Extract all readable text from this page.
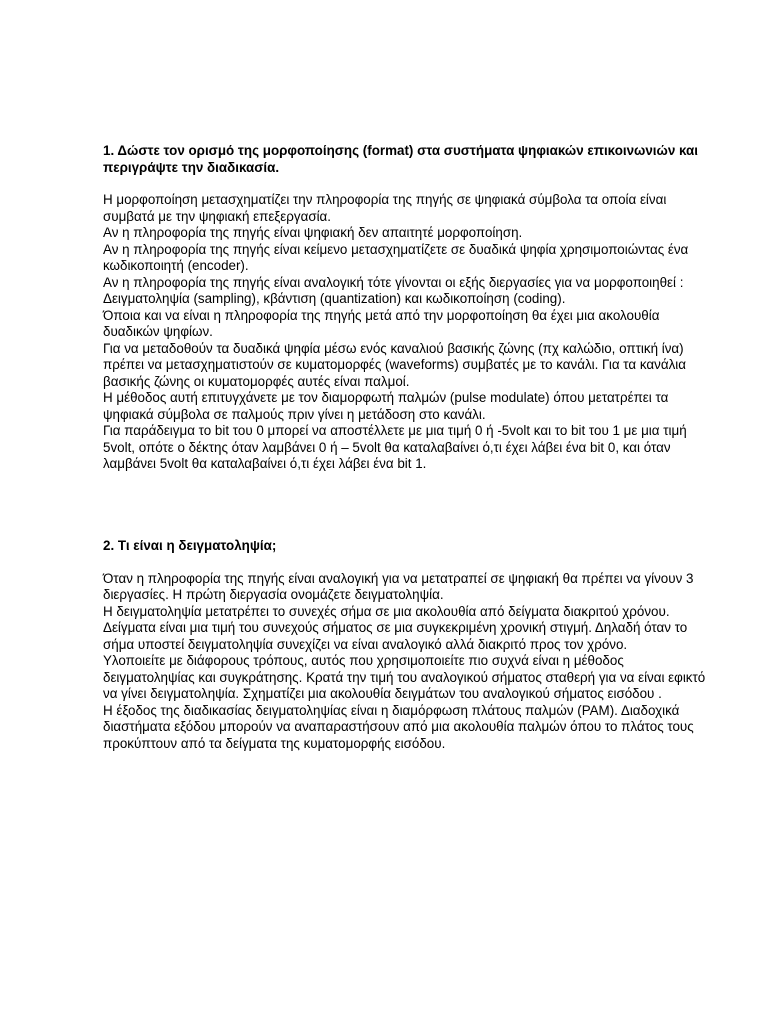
1. Δώστε τον ορισμό της μορφοποίησης (format) στα συστήματα ψηφιακών επικοινωνιών και περιγράψτε την διαδικασία.

Η μορφοποίηση μετασχηματίζει την πληροφορία της πηγής σε ψηφιακά σύμβολα τα οποία είναι συμβατά με την ψηφιακή επεξεργασία.

Αν η πληροφορία της πηγής είναι ψηφιακή δεν απαιτητέ μορφοποίηση.

Αν η πληροφορία της πηγής είναι κείμενο μετασχηματίζετε σε δυαδικά ψηφία χρησιμοποιώντας ένα κωδικοποιητή (encoder).

Αν η πληροφορία της πηγής είναι αναλογική τότε γίνονται οι εξής διεργασίες για να μορφοποιηθεί : Δειγματοληψία (sampling), κβάντιση (quantization) και κωδικοποίηση (coding).

Όποια και να είναι η πληροφορία της πηγής μετά από την μορφοποίηση θα έχει μια ακολουθία δυαδικών ψηφίων.

Για να μεταδοθούν τα δυαδικά ψηφία μέσω ενός καναλιού βασικής ζώνης (πχ καλώδιο, οπτική ίνα) πρέπει να μετασχηματιστούν σε κυματομορφές (waveforms) συμβατές με το κανάλι. Για τα κανάλια βασικής ζώνης οι κυματομορφές αυτές είναι παλμοί.

Η μέθοδος αυτή επιτυγχάνετε με τον διαμορφωτή παλμών (pulse modulate) όπου μετατρέπει τα ψηφιακά σύμβολα σε παλμούς πριν γίνει η μετάδοση στο κανάλι.

Για παράδειγμα το bit του 0 μπορεί να αποστέλλετε με μια τιμή 0 ή -5volt και το bit του 1 με μια τιμή 5volt, οπότε ο δέκτης όταν λαμβάνει 0 ή – 5volt θα καταλαβαίνει ό,τι έχει λάβει ένα bit 0, και όταν λαμβάνει 5volt θα καταλαβαίνει ό,τι έχει λάβει ένα bit 1.

2. Τι είναι η δειγματοληψία;

Όταν η πληροφορία της πηγής είναι αναλογική για να μετατραπεί σε ψηφιακή θα πρέπει να γίνουν 3 διεργασίες. Η πρώτη διεργασία ονομάζετε δειγματοληψία.

Η δειγματοληψία μετατρέπει το συνεχές σήμα σε μια ακολουθία από δείγματα διακριτού χρόνου. Δείγματα είναι μια τιμή του συνεχούς σήματος σε μια συγκεκριμένη χρονική στιγμή. Δηλαδή όταν το σήμα υποστεί δειγματοληψία συνεχίζει να είναι αναλογικό αλλά διακριτό προς τον χρόνο.

Υλοποιείτε με διάφορους τρόπους, αυτός που χρησιμοποιείτε πιο συχνά είναι η μέθοδος δειγματοληψίας και συγκράτησης. Κρατά την τιμή του αναλογικού σήματος σταθερή για να είναι εφικτό να γίνει δειγματοληψία. Σχηματίζει μια ακολουθία δειγμάτων του αναλογικού σήματος εισόδου .

Η έξοδος της διαδικασίας δειγματοληψίας είναι η διαμόρφωση πλάτους παλμών (PAM). Διαδοχικά διαστήματα εξόδου μπορούν να αναπαραστήσουν από μια ακολουθία παλμών όπου το πλάτος τους προκύπτουν από τα δείγματα της κυματομορφής εισόδου.
